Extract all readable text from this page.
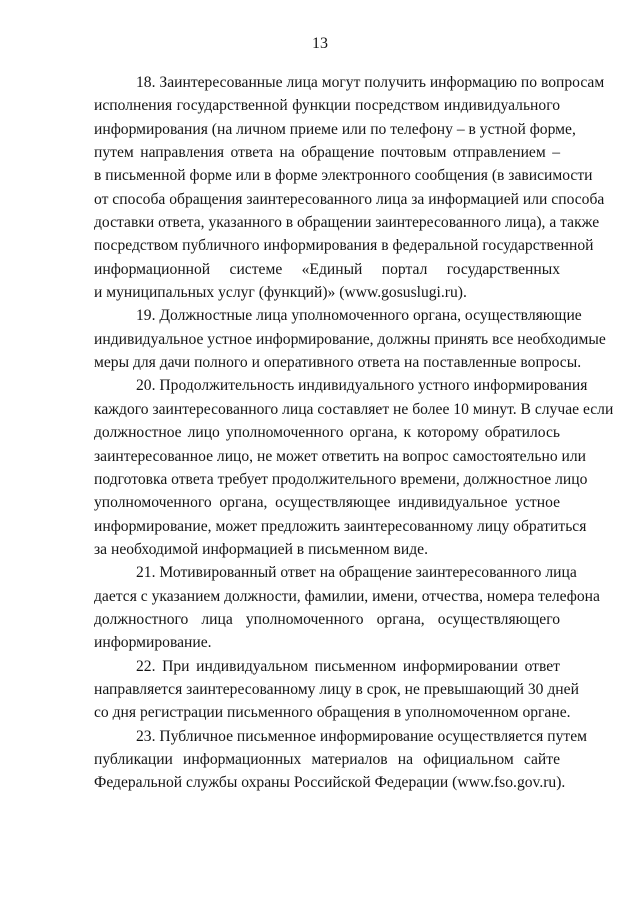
13
18. Заинтересованные лица могут получить информацию по вопросам
исполнения государственной функции посредством индивидуального
информирования (на личном приеме или по телефону – в устной форме,
путем направления ответа на обращение почтовым отправлением –
в письменной форме или в форме электронного сообщения (в зависимости
от способа обращения заинтересованного лица за информацией или способа
доставки ответа, указанного в обращении заинтересованного лица), а также
посредством публичного информирования в федеральной государственной
информационной системе «Единый портал государственных
и муниципальных услуг (функций)» (www.gosuslugi.ru).
19. Должностные лица уполномоченного органа, осуществляющие
индивидуальное устное информирование, должны принять все необходимые
меры для дачи полного и оперативного ответа на поставленные вопросы.
20. Продолжительность индивидуального устного информирования
каждого заинтересованного лица составляет не более 10 минут. В случае если
должностное лицо уполномоченного органа, к которому обратилось
заинтересованное лицо, не может ответить на вопрос самостоятельно или
подготовка ответа требует продолжительного времени, должностное лицо
уполномоченного органа, осуществляющее индивидуальное устное
информирование, может предложить заинтересованному лицу обратиться
за необходимой информацией в письменном виде.
21. Мотивированный ответ на обращение заинтересованного лица
дается с указанием должности, фамилии, имени, отчества, номера телефона
должностного лица уполномоченного органа, осуществляющего
информирование.
22. При индивидуальном письменном информировании ответ
направляется заинтересованному лицу в срок, не превышающий 30 дней
со дня регистрации письменного обращения в уполномоченном органе.
23. Публичное письменное информирование осуществляется путем
публикации информационных материалов на официальном сайте
Федеральной службы охраны Российской Федерации (www.fso.gov.ru).
